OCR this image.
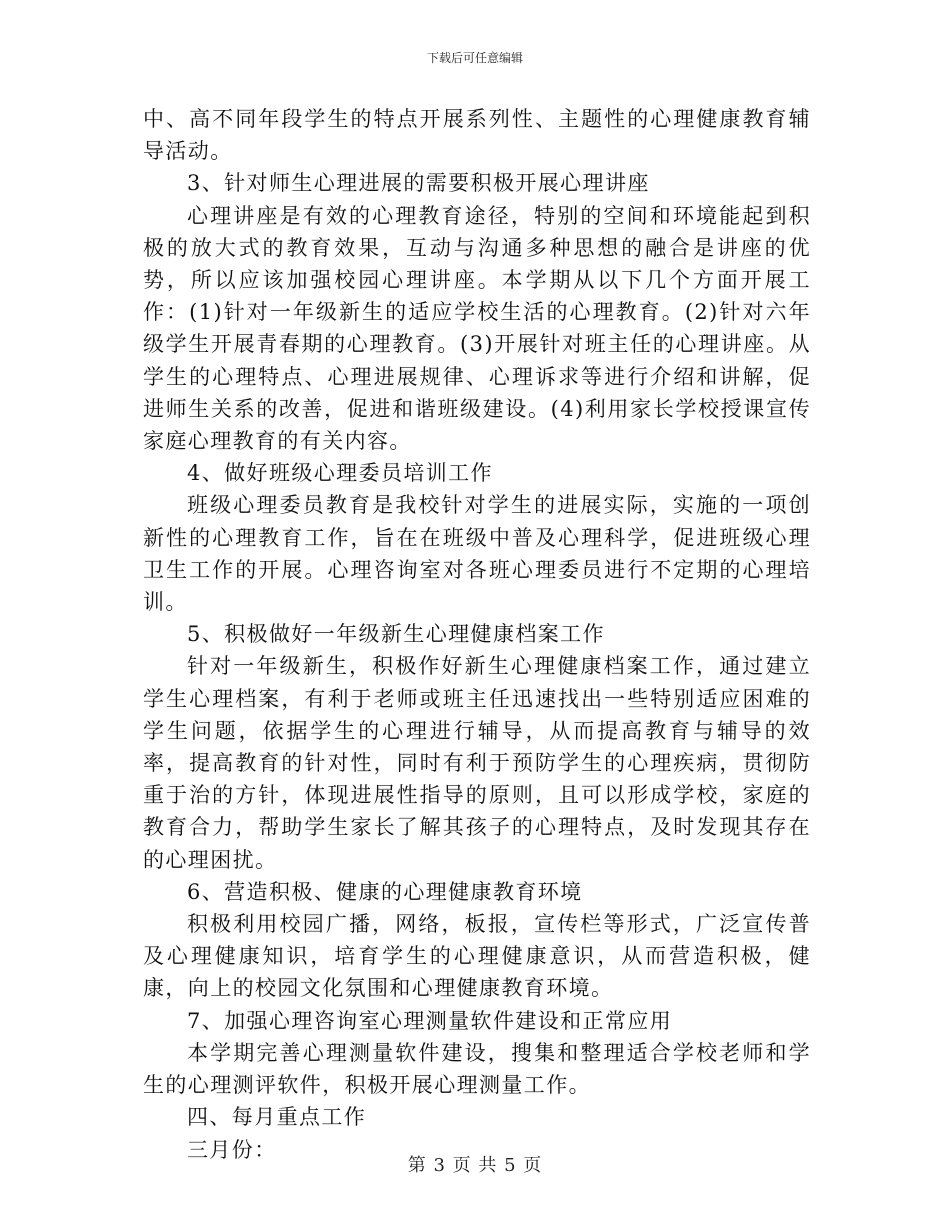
下载后可任意编辑

中、高不同年段学生的特点开展系列性、主题性的心理健康教育辅导活动。

3、针对师生心理进展的需要积极开展心理讲座

心理讲座是有效的心理教育途径，特别的空间和环境能起到积极的放大式的教育效果，互动与沟通多种思想的融合是讲座的优势，所以应该加强校园心理讲座。本学期从以下几个方面开展工作：(1)针对一年级新生的适应学校生活的心理教育。(2)针对六年级学生开展青春期的心理教育。(3)开展针对班主任的心理讲座。从学生的心理特点、心理进展规律、心理诉求等进行介绍和讲解，促进师生关系的改善，促进和谐班级建设。(4)利用家长学校授课宣传家庭心理教育的有关内容。

4、做好班级心理委员培训工作

班级心理委员教育是我校针对学生的进展实际，实施的一项创新性的心理教育工作，旨在在班级中普及心理科学，促进班级心理卫生工作的开展。心理咨询室对各班心理委员进行不定期的心理培训。

5、积极做好一年级新生心理健康档案工作

针对一年级新生，积极作好新生心理健康档案工作，通过建立学生心理档案，有利于老师或班主任迅速找出一些特别适应困难的学生问题，依据学生的心理进行辅导，从而提高教育与辅导的效率，提高教育的针对性，同时有利于预防学生的心理疾病，贯彻防重于治的方针，体现进展性指导的原则，且可以形成学校，家庭的教育合力，帮助学生家长了解其孩子的心理特点，及时发现其存在的心理困扰。

6、营造积极、健康的心理健康教育环境

积极利用校园广播，网络，板报，宣传栏等形式，广泛宣传普及心理健康知识，培育学生的心理健康意识，从而营造积极，健康，向上的校园文化氛围和心理健康教育环境。

7、加强心理咨询室心理测量软件建设和正常应用

本学期完善心理测量软件建设，搜集和整理适合学校老师和学生的心理测评软件，积极开展心理测量工作。

四、每月重点工作

三月份：

第 3 页 共 5 页
